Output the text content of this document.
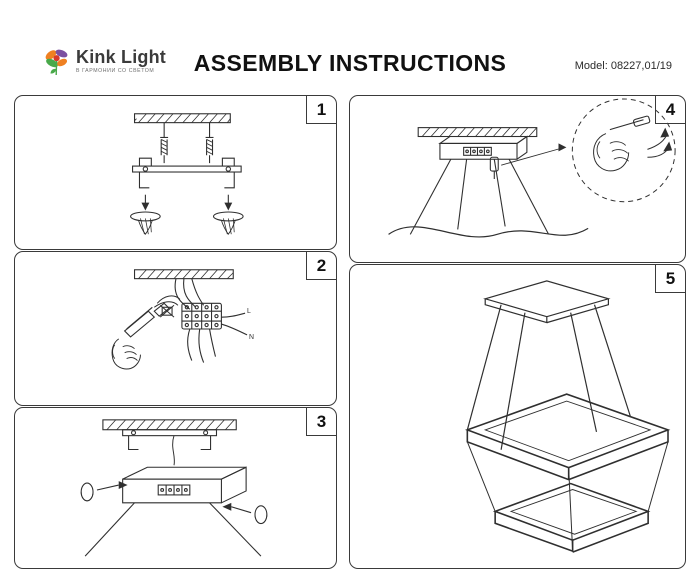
Kink Light
В ГАРМОНИИ СО СВЕТОМ	ASSEMBLY INSTRUCTIONS	Model: 08227,01/19
1
L
N
2
3
4
5
